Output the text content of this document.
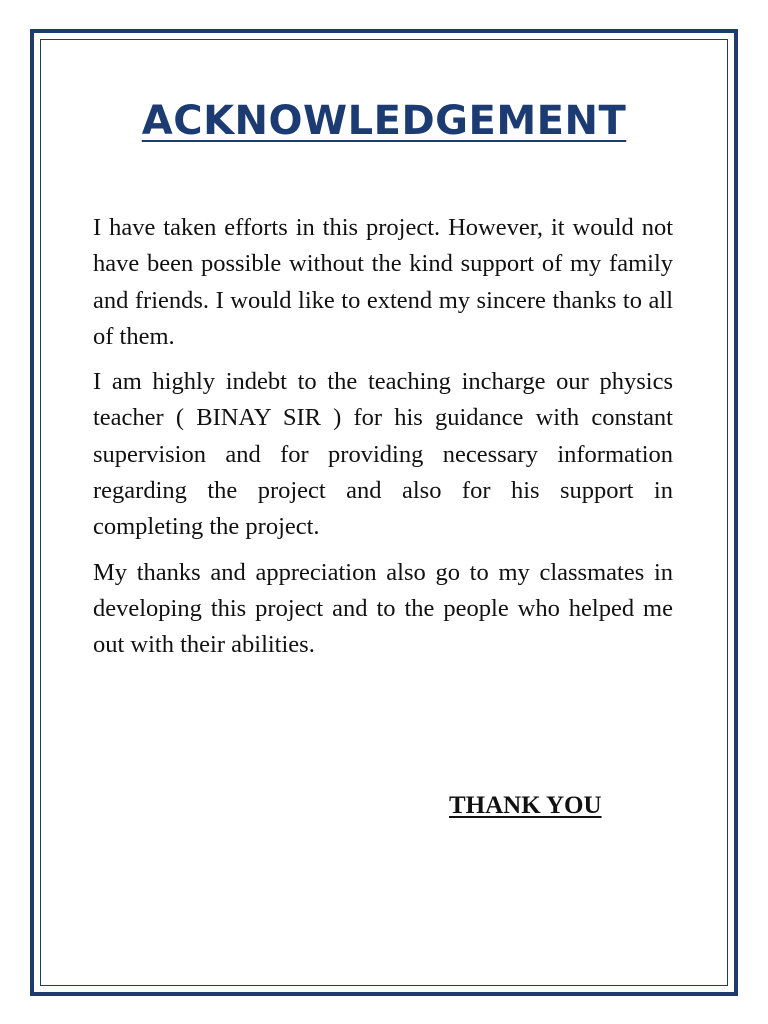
ACKNOWLEDGEMENT

I have taken efforts in this project. However, it would not have been possible without the kind support of my family and friends. I would like to extend my sincere thanks to all of them.

I am highly indebt to the teaching incharge our physics teacher ( BINAY SIR ) for his guidance with constant supervision and for providing necessary information regarding the project and also for his support in completing the project.

My thanks and appreciation also go to my classmates in developing this project and to the people who helped me out with their abilities.

THANK YOU
